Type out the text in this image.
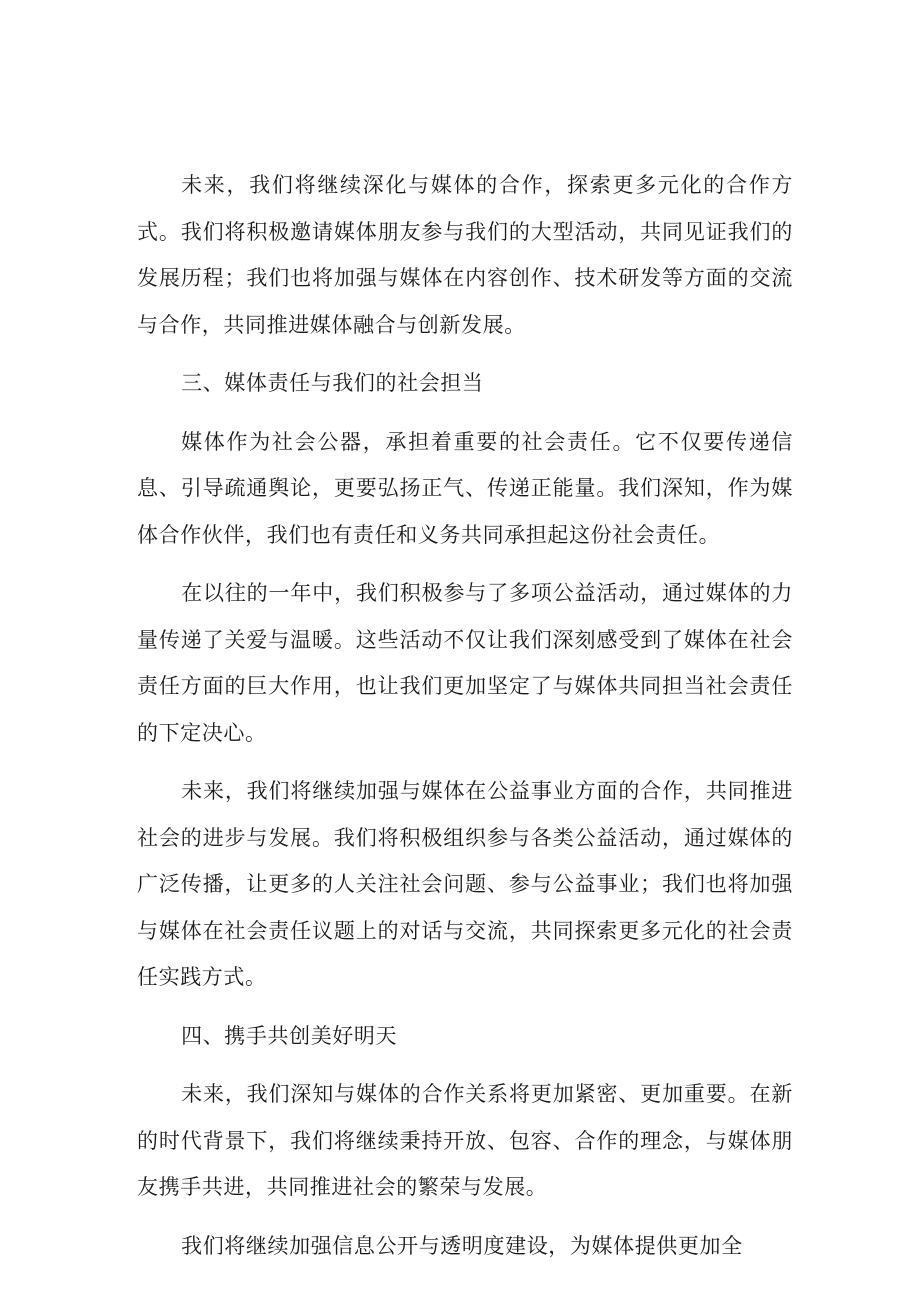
未来，我们将继续深化与媒体的合作，探索更多元化的合作方式。我们将积极邀请媒体朋友参与我们的大型活动，共同见证我们的发展历程；我们也将加强与媒体在内容创作、技术研发等方面的交流与合作，共同推进媒体融合与创新发展。

三、媒体责任与我们的社会担当

媒体作为社会公器，承担着重要的社会责任。它不仅要传递信息、引导疏通舆论，更要弘扬正气、传递正能量。我们深知，作为媒体合作伙伴，我们也有责任和义务共同承担起这份社会责任。

在以往的一年中，我们积极参与了多项公益活动，通过媒体的力量传递了关爱与温暖。这些活动不仅让我们深刻感受到了媒体在社会责任方面的巨大作用，也让我们更加坚定了与媒体共同担当社会责任的下定决心。

未来，我们将继续加强与媒体在公益事业方面的合作，共同推进社会的进步与发展。我们将积极组织参与各类公益活动，通过媒体的广泛传播，让更多的人关注社会问题、参与公益事业；我们也将加强与媒体在社会责任议题上的对话与交流，共同探索更多元化的社会责任实践方式。

四、携手共创美好明天

未来，我们深知与媒体的合作关系将更加紧密、更加重要。在新的时代背景下，我们将继续秉持开放、包容、合作的理念，与媒体朋友携手共进，共同推进社会的繁荣与发展。

我们将继续加强信息公开与透明度建设，为媒体提供更加全
